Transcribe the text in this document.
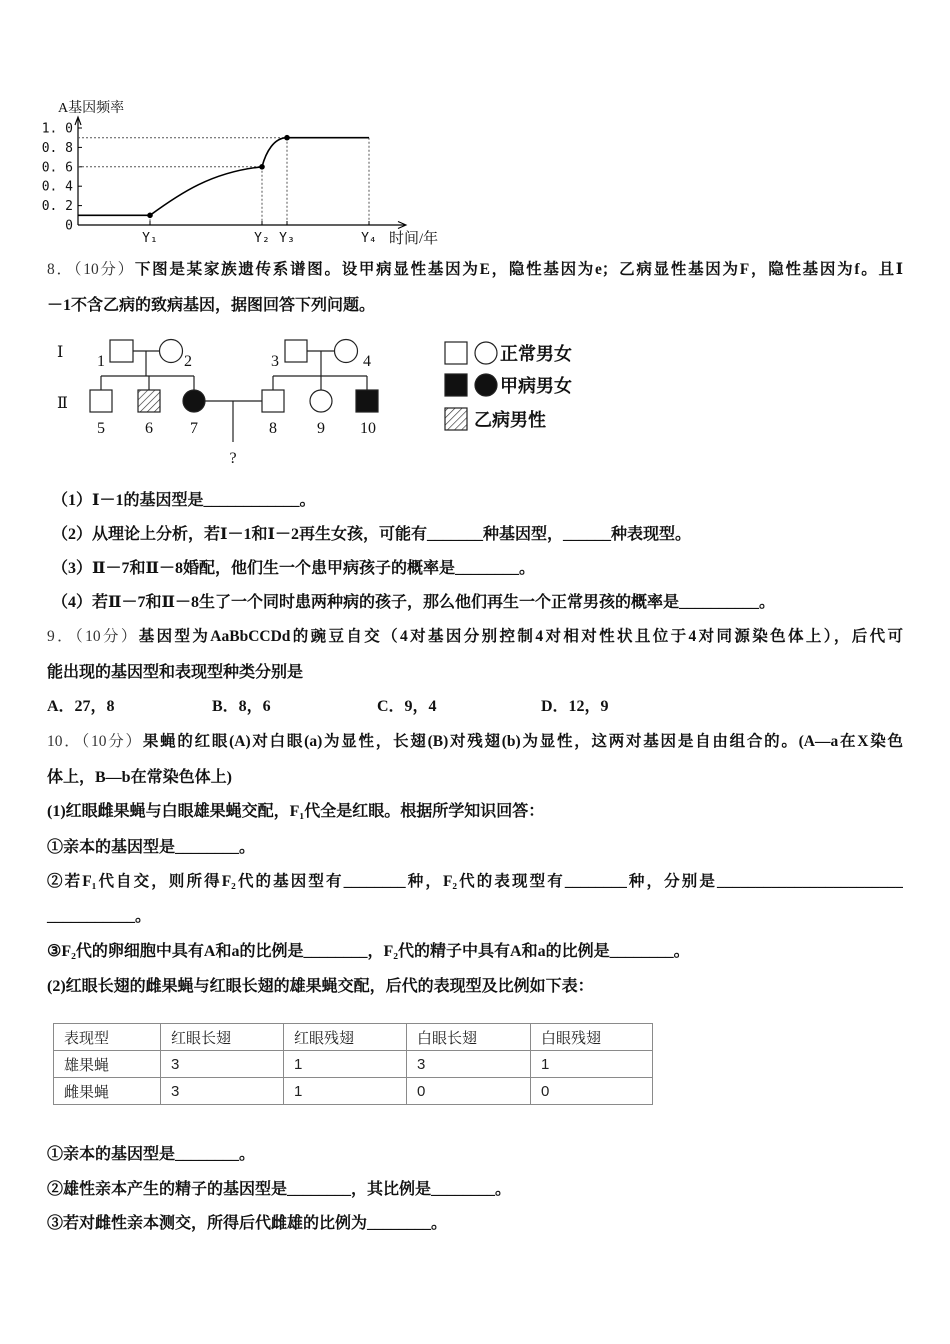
A基因频率
1. 0
0. 8
0. 6
0. 4
0. 2
0
Y₁	Y₂ Y₃	Y₄ 时间/年
8．（10分）下图是某家族遗传系谱图。设甲病显性基因为E，隐性基因为e；乙病显性基因为F，隐性基因为f。且Ⅰ
－1不含乙病的致病基因，据图回答下列问题。
Ⅰ
Ⅱ
1	2	3	4
5	6 7	8	9 10
?
正常男女
甲病男女
乙病男性
（1）Ⅰ－1的基因型是____________。
（2）从理论上分析，若Ⅰ－1和Ⅰ－2再生女孩，可能有_______种基因型，______种表现型。
（3）Ⅱ－7和Ⅱ－8婚配，他们生一个患甲病孩子的概率是________。
（4）若Ⅱ－7和Ⅱ－8生了一个同时患两种病的孩子，那么他们再生一个正常男孩的概率是__________。
9．（10分）基因型为AaBbCCDd的豌豆自交（4对基因分别控制4对相对性状且位于4对同源染色体上），后代可
能出现的基因型和表现型种类分别是
A．27，8	B．8，6	C．9，4	D．12，9
10．（10分）果蝇的红眼(A)对白眼(a)为显性，长翅(B)对残翅(b)为显性，这两对基因是自由组合的。(A—a在X染色
体上，B—b在常染色体上)
(1)红眼雌果蝇与白眼雄果蝇交配，F₁代全是红眼。根据所学知识回答：
①亲本的基因型是________。
②若F₁代自交，则所得F₂代的基因型有________种，F₂代的表现型有________种，分别是________________________
___________。
③F₂代的卵细胞中具有A和a的比例是________，F₂代的精子中具有A和a的比例是________。
(2)红眼长翅的雌果蝇与红眼长翅的雄果蝇交配，后代的表现型及比例如下表：
表现型	红眼长翅	红眼残翅	白眼长翅	白眼残翅
雄果蝇	3	1	3	1
雌果蝇	3	1	0	0
①亲本的基因型是________。
②雄性亲本产生的精子的基因型是________，其比例是________。
③若对雌性亲本测交，所得后代雌雄的比例为________。
